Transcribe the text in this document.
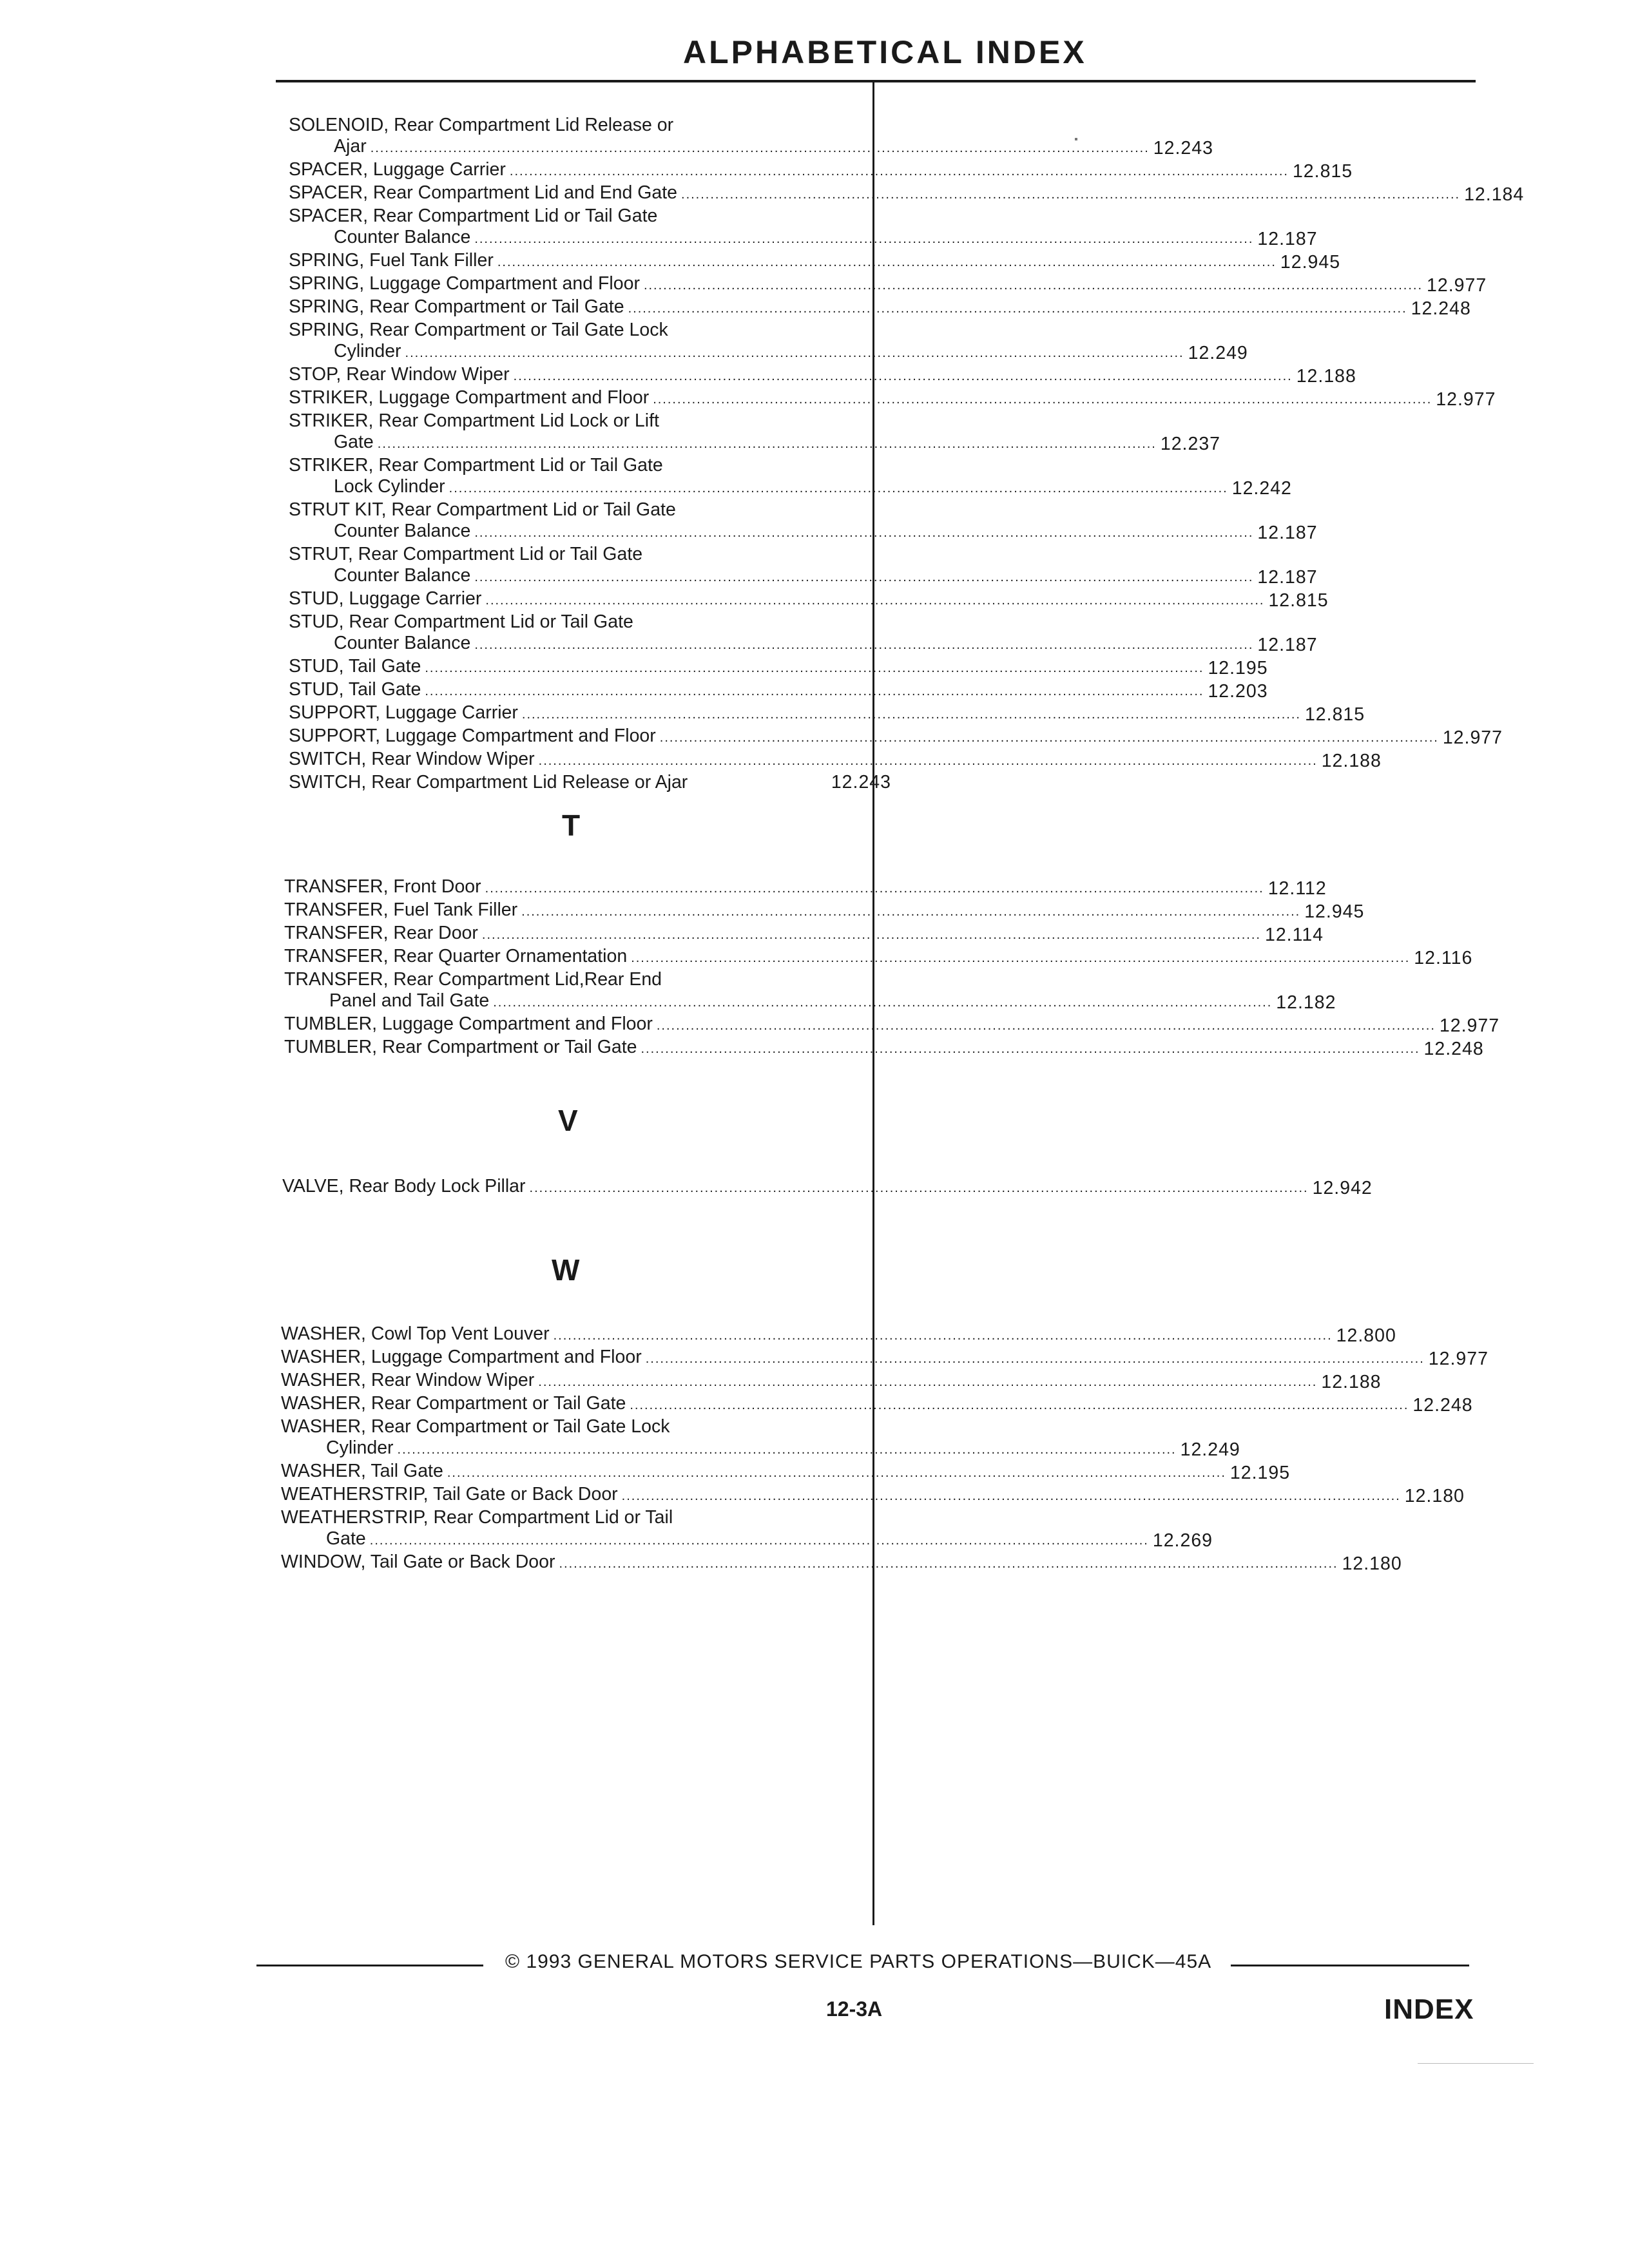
ALPHABETICAL INDEX
SOLENOID, Rear Compartment Lid Release or
Ajar ................................................................................................................................................................ 12.243
SPACER, Luggage Carrier ................................................................................................................................................................ 12.815
SPACER, Rear Compartment Lid and End Gate ................................................................................................................................................................ 12.184
SPACER, Rear Compartment Lid or Tail Gate
Counter Balance ................................................................................................................................................................ 12.187
SPRING, Fuel Tank Filler ................................................................................................................................................................ 12.945
SPRING, Luggage Compartment and Floor ................................................................................................................................................................ 12.977
SPRING, Rear Compartment or Tail Gate ................................................................................................................................................................ 12.248
SPRING, Rear Compartment or Tail Gate Lock
Cylinder ................................................................................................................................................................ 12.249
STOP, Rear Window Wiper ................................................................................................................................................................ 12.188
STRIKER, Luggage Compartment and Floor ................................................................................................................................................................ 12.977
STRIKER, Rear Compartment Lid Lock or Lift
Gate ................................................................................................................................................................ 12.237
STRIKER, Rear Compartment Lid or Tail Gate
Lock Cylinder ................................................................................................................................................................ 12.242
STRUT KIT, Rear Compartment Lid or Tail Gate
Counter Balance ................................................................................................................................................................ 12.187
STRUT, Rear Compartment Lid or Tail Gate
Counter Balance ................................................................................................................................................................ 12.187
STUD, Luggage Carrier ................................................................................................................................................................ 12.815
STUD, Rear Compartment Lid or Tail Gate
Counter Balance ................................................................................................................................................................ 12.187
STUD, Tail Gate ................................................................................................................................................................ 12.195
STUD, Tail Gate ................................................................................................................................................................ 12.203
SUPPORT, Luggage Carrier ................................................................................................................................................................ 12.815
SUPPORT, Luggage Compartment and Floor ................................................................................................................................................................ 12.977
SWITCH, Rear Window Wiper ................................................................................................................................................................ 12.188
SWITCH, Rear Compartment Lid Release or Ajar	12.243
T
TRANSFER, Front Door ................................................................................................................................................................ 12.112
TRANSFER, Fuel Tank Filler ................................................................................................................................................................ 12.945
TRANSFER, Rear Door ................................................................................................................................................................ 12.114
TRANSFER, Rear Quarter Ornamentation ................................................................................................................................................................ 12.116
TRANSFER, Rear Compartment Lid,Rear End
Panel and Tail Gate ................................................................................................................................................................ 12.182
TUMBLER, Luggage Compartment and Floor ................................................................................................................................................................ 12.977
TUMBLER, Rear Compartment or Tail Gate ................................................................................................................................................................ 12.248
V
VALVE, Rear Body Lock Pillar ................................................................................................................................................................ 12.942
W
WASHER, Cowl Top Vent Louver ................................................................................................................................................................ 12.800
WASHER, Luggage Compartment and Floor ................................................................................................................................................................ 12.977
WASHER, Rear Window Wiper ................................................................................................................................................................ 12.188
WASHER, Rear Compartment or Tail Gate ................................................................................................................................................................ 12.248
WASHER, Rear Compartment or Tail Gate Lock
Cylinder ................................................................................................................................................................ 12.249
WASHER, Tail Gate ................................................................................................................................................................ 12.195
WEATHERSTRIP, Tail Gate or Back Door ................................................................................................................................................................ 12.180
WEATHERSTRIP, Rear Compartment Lid or Tail
Gate ................................................................................................................................................................ 12.269
WINDOW, Tail Gate or Back Door ................................................................................................................................................................ 12.180
© 1993 GENERAL MOTORS SERVICE PARTS OPERATIONS—BUICK—45A
12-3A	INDEX
